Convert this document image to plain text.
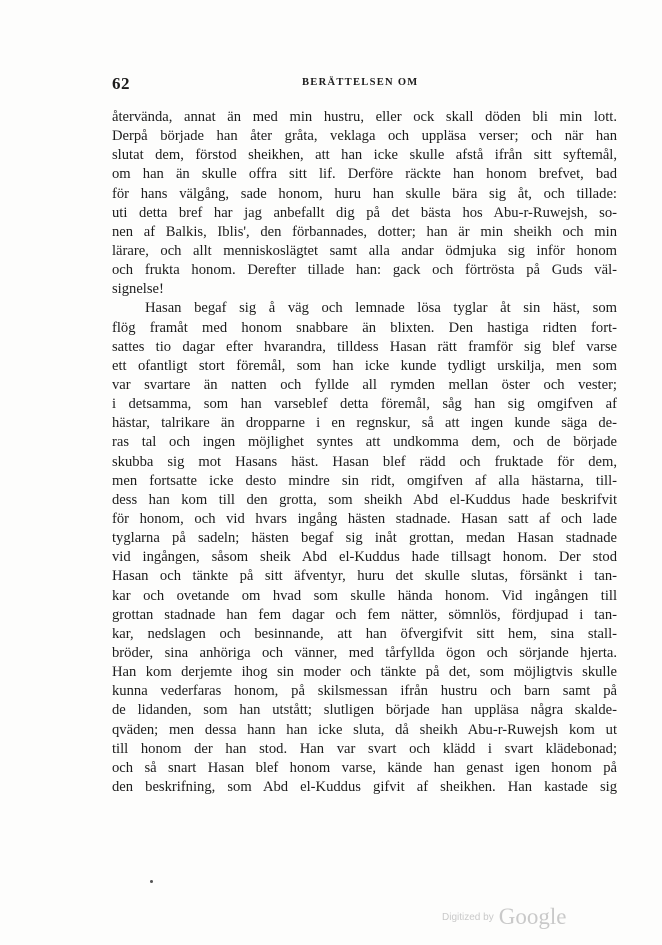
62	BERÄTTELSEN OM
återvända, annat än med min hustru, eller ock skall döden bli min lott.
Derpå började han åter gråta, veklaga och uppläsa verser; och när han
slutat dem, förstod sheikhen, att han icke skulle afstå ifrån sitt syftemål,
om han än skulle offra sitt lif. Derföre räckte han honom brefvet, bad
för hans välgång, sade honom, huru han skulle bära sig åt, och tillade:
uti detta bref har jag anbefallt dig på det bästa hos Abu-r-Ruwejsh, so-
nen af Balkis, Iblis', den förbannades, dotter; han är min sheikh och min
lärare, och allt menniskoslägtet samt alla andar ödmjuka sig inför honom
och frukta honom. Derefter tillade han: gack och förtrösta på Guds väl-
signelse!
Hasan begaf sig å väg och lemnade lösa tyglar åt sin häst, som
flög framåt med honom snabbare än blixten. Den hastiga ridten fort-
sattes tio dagar efter hvarandra, tilldess Hasan rätt framför sig blef varse
ett ofantligt stort föremål, som han icke kunde tydligt urskilja, men som
var svartare än natten och fyllde all rymden mellan öster och vester;
i detsamma, som han varseblef detta föremål, såg han sig omgifven af
hästar, talrikare än dropparne i en regnskur, så att ingen kunde säga de-
ras tal och ingen möjlighet syntes att undkomma dem, och de började
skubba sig mot Hasans häst. Hasan blef rädd och fruktade för dem,
men fortsatte icke desto mindre sin ridt, omgifven af alla hästarna, till-
dess han kom till den grotta, som sheikh Abd el-Kuddus hade beskrifvit
för honom, och vid hvars ingång hästen stadnade. Hasan satt af och lade
tyglarna på sadeln; hästen begaf sig inåt grottan, medan Hasan stadnade
vid ingången, såsom sheik Abd el-Kuddus hade tillsagt honom. Der stod
Hasan och tänkte på sitt äfventyr, huru det skulle slutas, försänkt i tan-
kar och ovetande om hvad som skulle hända honom. Vid ingången till
grottan stadnade han fem dagar och fem nätter, sömnlös, fördjupad i tan-
kar, nedslagen och besinnande, att han öfvergifvit sitt hem, sina stall-
bröder, sina anhöriga och vänner, med tårfyllda ögon och sörjande hjerta.
Han kom derjemte ihog sin moder och tänkte på det, som möjligtvis skulle
kunna vederfaras honom, på skilsmessan ifrån hustru och barn samt på
de lidanden, som han utstått; slutligen började han uppläsa några skalde-
qväden; men dessa hann han icke sluta, då sheikh Abu-r-Ruwejsh kom ut
till honom der han stod. Han var svart och klädd i svart klädebonad;
och så snart Hasan blef honom varse, kände han genast igen honom på
den beskrifning, som Abd el-Kuddus gifvit af sheikhen. Han kastade sig
$^{Digitized by}$ Google
